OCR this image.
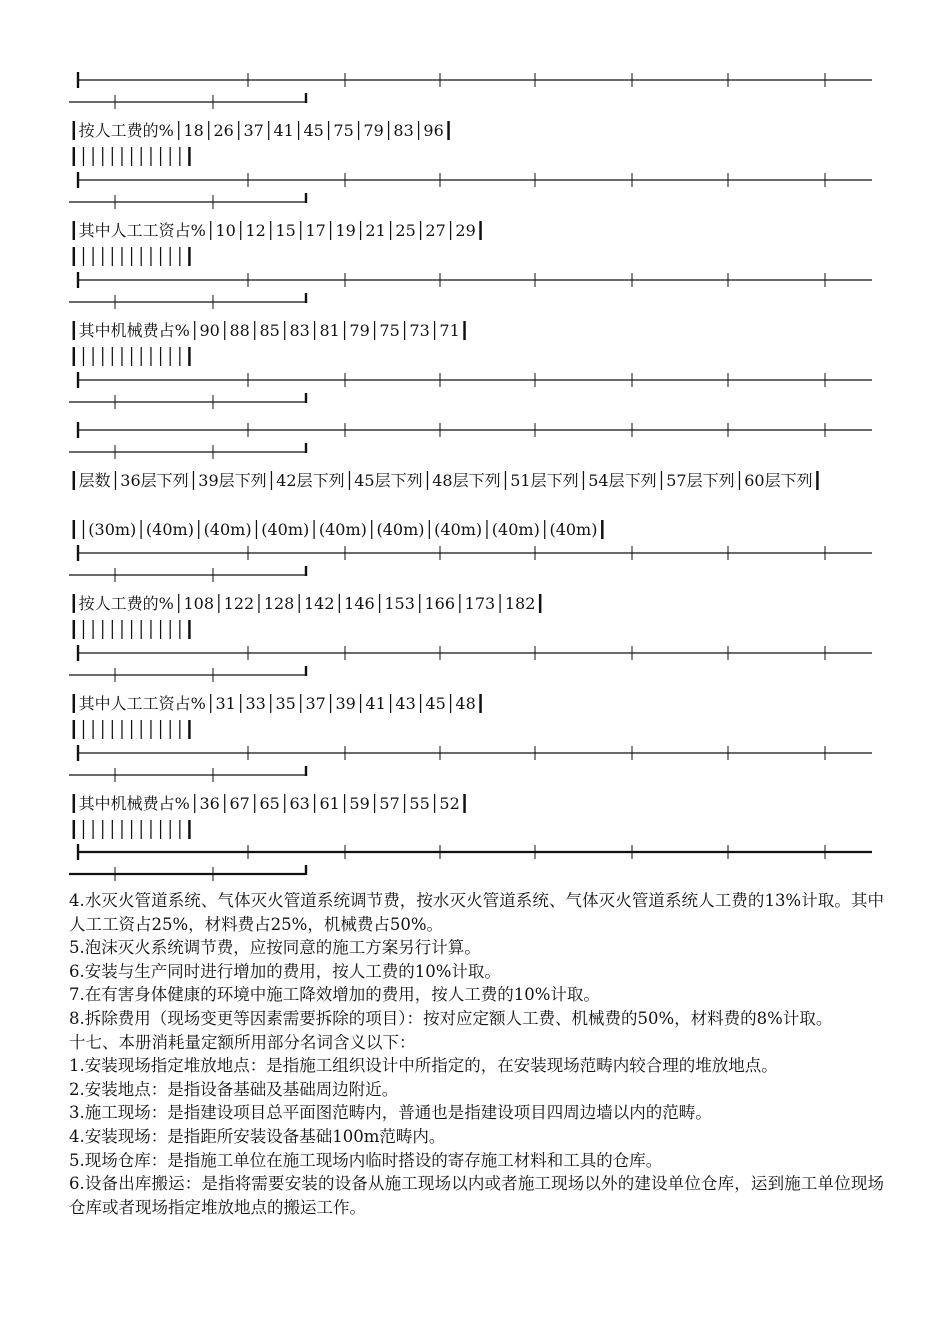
┃按人工费的%│18│26│37│41│45│75│79│83│96┃
┃│││││││││││┃
┃其中人工工资占%│10│12│15│17│19│21│25│27│29┃
┃│││││││││││┃
┃其中机械费占%│90│88│85│83│81│79│75│73│71┃
┃│││││││││││┃
┃层数│36层下列│39层下列│42层下列│45层下列│48层下列│51层下列│54层下列│57层下列│60层下列┃
┃│(30m)│(40m)│(40m)│(40m)│(40m)│(40m)│(40m)│(40m)│(40m)┃
┃按人工费的%│108│122│128│142│146│153│166│173│182┃
┃│││││││││││┃
┃其中人工工资占%│31│33│35│37│39│41│43│45│48┃
┃│││││││││││┃
┃其中机械费占%│36│67│65│63│61│59│57│55│52┃
┃│││││││││││┃

4.水灭火管道系统、气体灭火管道系统调节费，按水灭火管道系统、气体灭火管道系统人工费的13%计取。其中人工工资占25%，材料费占25%，机械费占50%。

5.泡沫灭火系统调节费，应按同意的施工方案另行计算。

6.安装与生产同时进行增加的费用，按人工费的10%计取。

7.在有害身体健康的环境中施工降效增加的费用，按人工费的10%计取。

8.拆除费用（现场变更等因素需要拆除的项目）：按对应定额人工费、机械费的50%，材料费的8%计取。

十七、本册消耗量定额所用部分名词含义以下：

1.安装现场指定堆放地点：是指施工组织设计中所指定的，在安装现场范畴内较合理的堆放地点。

2.安装地点：是指设备基础及基础周边附近。

3.施工现场：是指建设项目总平面图范畴内，普通也是指建设项目四周边墙以内的范畴。

4.安装现场：是指距所安装设备基础100m范畴内。

5.现场仓库：是指施工单位在施工现场内临时搭设的寄存施工材料和工具的仓库。

6.设备出库搬运：是指将需要安装的设备从施工现场以内或者施工现场以外的建设单位仓库，运到施工单位现场仓库或者现场指定堆放地点的搬运工作。
